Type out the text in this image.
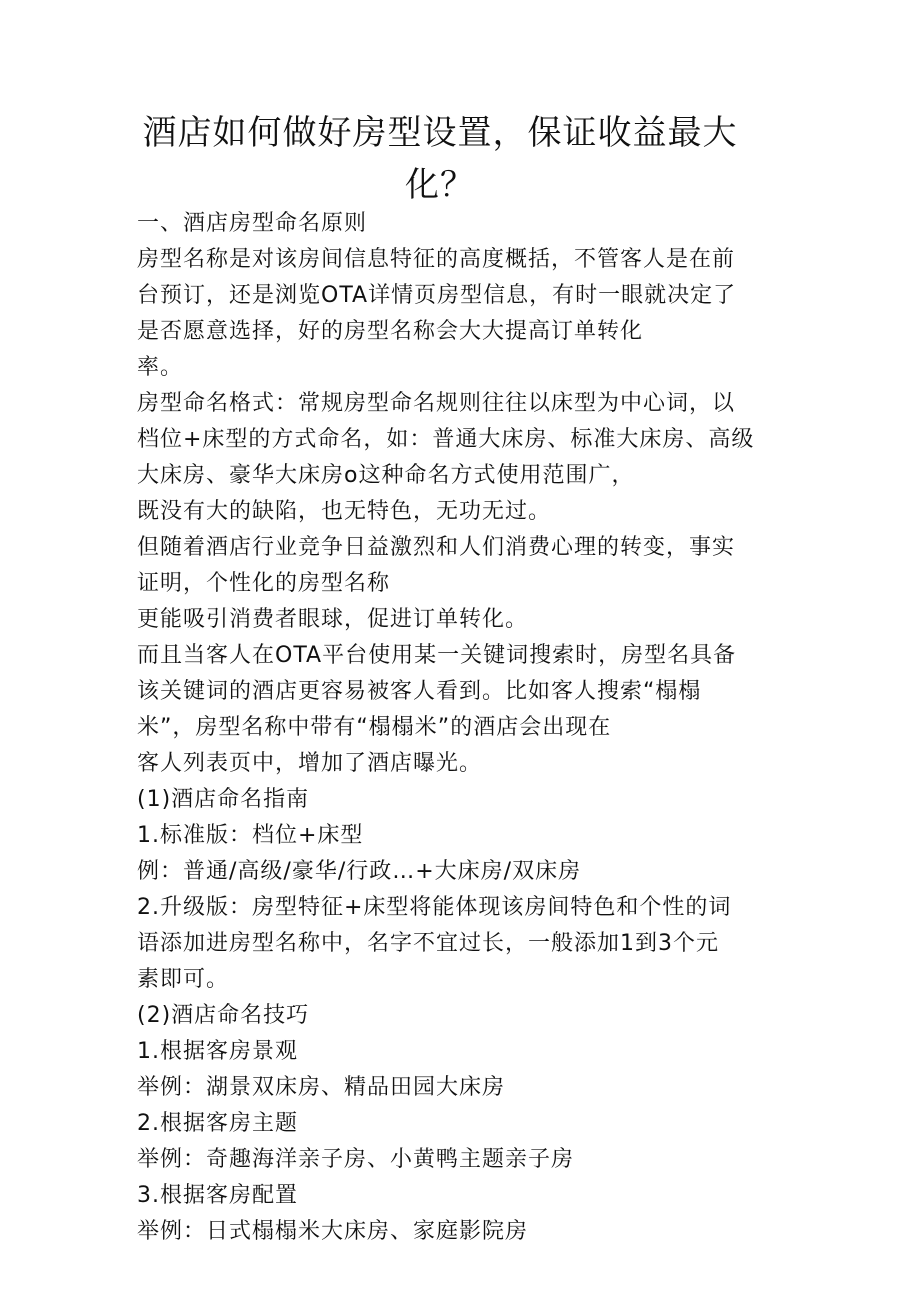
酒店如何做好房型设置，保证收益最大
化？
一、酒店房型命名原则
房型名称是对该房间信息特征的高度概括，不管客人是在前
台预订，还是浏览OTA详情页房型信息，有时一眼就决定了
是否愿意选择，好的房型名称会大大提高订单转化
率。
房型命名格式：常规房型命名规则往往以床型为中心词，以
档位+床型的方式命名，如：普通大床房、标准大床房、高级
大床房、豪华大床房o这种命名方式使用范围广，
既没有大的缺陷，也无特色，无功无过。
但随着酒店行业竞争日益激烈和人们消费心理的转变，事实
证明，个性化的房型名称
更能吸引消费者眼球，促进订单转化。
而且当客人在OTA平台使用某一关键词搜索时，房型名具备
该关键词的酒店更容易被客人看到。比如客人搜索“榻榻
米”，房型名称中带有“榻榻米”的酒店会出现在
客人列表页中，增加了酒店曝光。
(1)酒店命名指南
1.标准版：档位+床型
例：普通/高级/豪华/行政…+大床房/双床房
2.升级版：房型特征+床型将能体现该房间特色和个性的词
语添加进房型名称中，名字不宜过长，一般添加1到3个元
素即可。
(2)酒店命名技巧
1.根据客房景观
举例：湖景双床房、精品田园大床房
2.根据客房主题
举例：奇趣海洋亲子房、小黄鸭主题亲子房
3.根据客房配置
举例：日式榻榻米大床房、家庭影院房
